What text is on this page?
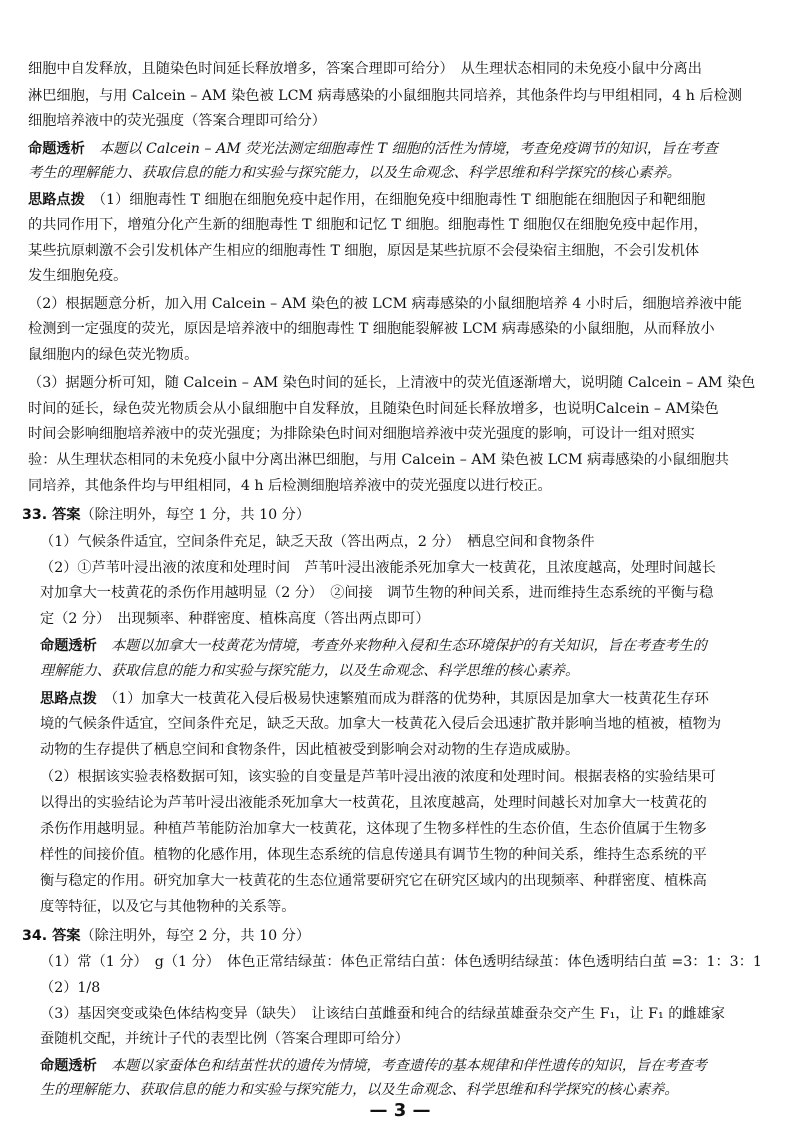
细胞中自发释放，且随染色时间延长释放增多，答案合理即可给分）　从生理状态相同的未免疫小鼠中分离出
淋巴细胞，与用 Calcein – AM 染色被 LCM 病毒感染的小鼠细胞共同培养，其他条件均与甲组相同，4 h 后检测
细胞培养液中的荧光强度（答案合理即可给分）
命题透析　 本题以 Calcein – AM 荧光法测定细胞毒性 T 细胞的活性为情境，考查免疫调节的知识，旨在考查
考生的理解能力、获取信息的能力和实验与探究能力，以及生命观念、科学思维和科学探究的核心素养。
思路点拨　 （1）细胞毒性 T 细胞在细胞免疫中起作用，在细胞免疫中细胞毒性 T 细胞能在细胞因子和靶细胞
的共同作用下，增殖分化产生新的细胞毒性 T 细胞和记忆 T 细胞。细胞毒性 T 细胞仅在细胞免疫中起作用，
某些抗原刺激不会引发机体产生相应的细胞毒性 T 细胞，原因是某些抗原不会侵染宿主细胞，不会引发机体
发生细胞免疫。
（2）根据题意分析，加入用 Calcein – AM 染色的被 LCM 病毒感染的小鼠细胞培养 4 小时后，细胞培养液中能
检测到一定强度的荧光，原因是培养液中的细胞毒性 T 细胞能裂解被 LCM 病毒感染的小鼠细胞，从而释放小
鼠细胞内的绿色荧光物质。
（3）据题分析可知，随 Calcein – AM 染色时间的延长，上清液中的荧光值逐渐增大，说明随 Calcein – AM 染色
时间的延长，绿色荧光物质会从小鼠细胞中自发释放，且随染色时间延长释放增多，也说明Calcein – AM染色
时间会影响细胞培养液中的荧光强度；为排除染色时间对细胞培养液中荧光强度的影响，可设计一组对照实
验：从生理状态相同的未免疫小鼠中分离出淋巴细胞，与用 Calcein – AM 染色被 LCM 病毒感染的小鼠细胞共
同培养，其他条件均与甲组相同，4 h 后检测细胞培养液中的荧光强度以进行校正。
33. 答案（除注明外，每空 1 分，共 10 分）
（1）气候条件适宜，空间条件充足，缺乏天敌（答出两点，2 分）　栖息空间和食物条件
（2）①芦苇叶浸出液的浓度和处理时间　芦苇叶浸出液能杀死加拿大一枝黄花，且浓度越高，处理时间越长
对加拿大一枝黄花的杀伤作用越明显（2 分）　②间接　调节生物的种间关系，进而维持生态系统的平衡与稳
定（2 分）　出现频率、种群密度、植株高度（答出两点即可）
命题透析　 本题以加拿大一枝黄花为情境，考查外来物种入侵和生态环境保护的有关知识，旨在考查考生的
理解能力、获取信息的能力和实验与探究能力，以及生命观念、科学思维的核心素养。
思路点拨　 （1）加拿大一枝黄花入侵后极易快速繁殖而成为群落的优势种，其原因是加拿大一枝黄花生存环
境的气候条件适宜，空间条件充足，缺乏天敌。加拿大一枝黄花入侵后会迅速扩散并影响当地的植被，植物为
动物的生存提供了栖息空间和食物条件，因此植被受到影响会对动物的生存造成威胁。
（2）根据该实验表格数据可知，该实验的自变量是芦苇叶浸出液的浓度和处理时间。根据表格的实验结果可
以得出的实验结论为芦苇叶浸出液能杀死加拿大一枝黄花，且浓度越高，处理时间越长对加拿大一枝黄花的
杀伤作用越明显。种植芦苇能防治加拿大一枝黄花，这体现了生物多样性的生态价值，生态价值属于生物多
样性的间接价值。植物的化感作用，体现生态系统的信息传递具有调节生物的种间关系，维持生态系统的平
衡与稳定的作用。研究加拿大一枝黄花的生态位通常要研究它在研究区域内的出现频率、种群密度、植株高
度等特征，以及它与其他物种的关系等。
34. 答案（除注明外，每空 2 分，共 10 分）
（1）常（1 分）　g（1 分）　体色正常结绿茧：体色正常结白茧：体色透明结绿茧：体色透明结白茧 =3：1：3：1
（2）1/8
（3）基因突变或染色体结构变异（缺失）　让该结白茧雌蚕和纯合的结绿茧雄蚕杂交产生 F₁，让 F₁ 的雌雄家
蚕随机交配，并统计子代的表型比例（答案合理即可给分）
命题透析　 本题以家蚕体色和结茧性状的遗传为情境，考查遗传的基本规律和伴性遗传的知识，旨在考查考
生的理解能力、获取信息的能力和实验与探究能力，以及生命观念、科学思维和科学探究的核心素养。
— 3 —
